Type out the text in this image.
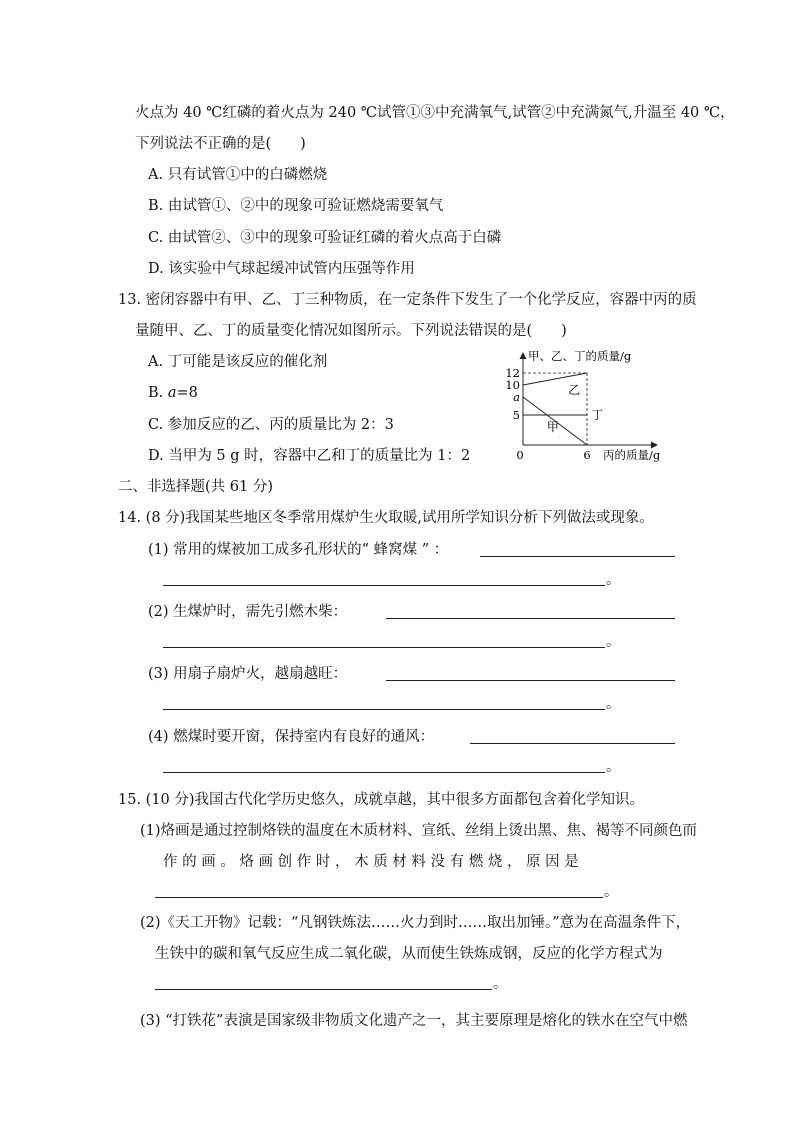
火点为 40 ℃红磷的着火点为 240 ℃试管①③中充满氧气,试管②中充满氮气,升温至 40 ℃，
下列说法不正确的是(　　)
A. 只有试管①中的白磷燃烧
B. 由试管①、②中的现象可验证燃烧需要氧气
C. 由试管②、③中的现象可验证红磷的着火点高于白磷
D. 该实验中气球起缓冲试管内压强等作用
13. 密闭容器中有甲、乙、丁三种物质，在一定条件下发生了一个化学反应，容器中丙的质
量随甲、乙、丁的质量变化情况如图所示。下列说法错误的是(　　)
A. 丁可能是该反应的催化剂
B. a=8
C. 参加反应的乙、丙的质量比为 2：3
D. 当甲为 5 g 时，容器中乙和丁的质量比为 1：2
甲、乙、丁的质量/g
丙的质量/g
12
10
a
5
0	6
乙
丁
甲
二、非选择题(共 61 分)
14. (8 分)我国某些地区冬季常用煤炉生火取暖,试用所学知识分析下列做法或现象。
(1) 常用的煤被加工成多孔形状的“ 蜂窝煤 ” ：
。
(2) 生煤炉时，需先引燃木柴：
。
(3) 用扇子扇炉火，越扇越旺：
。
(4) 燃煤时要开窗，保持室内有良好的通风：
。
15. (10 分)我国古代化学历史悠久，成就卓越，其中很多方面都包含着化学知识。
(1)烙画是通过控制烙铁的温度在木质材料、宣纸、丝绢上烫出黑、焦、褐等不同颜色而
作 的 画 。 烙 画 创 作 时 ， 木 质 材 料 没 有 燃 烧 ， 原 因 是
。
(2)《天工开物》记载：“凡钢铁炼法……火力到时……取出加锤。”意为在高温条件下，
生铁中的碳和氧气反应生成二氧化碳，从而使生铁炼成钢，反应的化学方程式为
。
(3) “打铁花”表演是国家级非物质文化遗产之一，其主要原理是熔化的铁水在空气中燃
